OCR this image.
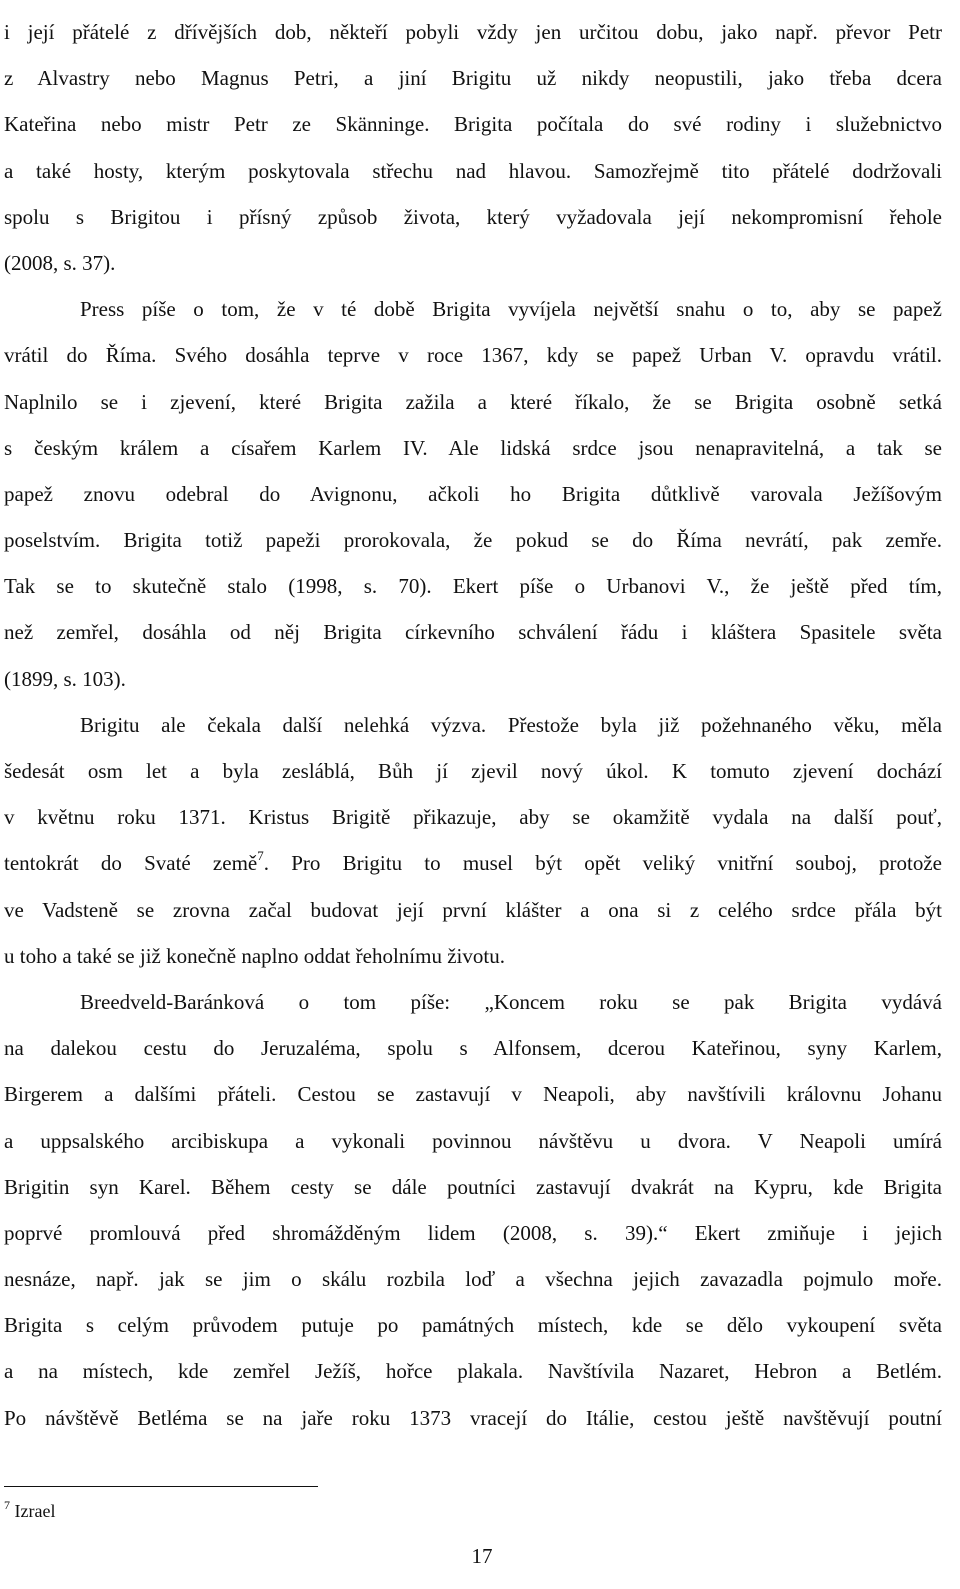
i její přátelé z dřívějších dob, někteří pobyli vždy jen určitou dobu, jako např. převor Petr
z Alvastry nebo Magnus Petri, a jiní Brigitu už nikdy neopustili, jako třeba dcera
Kateřina nebo mistr Petr ze Skänninge. Brigita počítala do své rodiny i služebnictvo
a také hosty, kterým poskytovala střechu nad hlavou. Samozřejmě tito přátelé dodržovali
spolu s Brigitou i přísný způsob života, který vyžadovala její nekompromisní řehole
(2008, s. 37).
Press píše o tom, že v té době Brigita vyvíjela největší snahu o to, aby se papež
vrátil do Říma. Svého dosáhla teprve v roce 1367, kdy se papež Urban V. opravdu vrátil.
Naplnilo se i zjevení, které Brigita zažila a které říkalo, že se Brigita osobně setká
s českým králem a císařem Karlem IV. Ale lidská srdce jsou nenapravitelná, a tak se
papež znovu odebral do Avignonu, ačkoli ho Brigita důtklivě varovala Ježíšovým
poselstvím. Brigita totiž papeži prorokovala, že pokud se do Říma nevrátí, pak zemře.
Tak se to skutečně stalo (1998, s. 70). Ekert píše o Urbanovi V., že ještě před tím,
než zemřel, dosáhla od něj Brigita církevního schválení řádu i kláštera Spasitele světa
(1899, s. 103).
Brigitu ale čekala další nelehká výzva. Přestože byla již požehnaného věku, měla
šedesát osm let a byla zesláblá, Bůh jí zjevil nový úkol. K tomuto zjevení dochází
v květnu roku 1371. Kristus Brigitě přikazuje, aby se okamžitě vydala na další pouť,
tentokrát do Svaté země$^7$. Pro Brigitu to musel být opět veliký vnitřní souboj, protože
ve Vadsteně se zrovna začal budovat její první klášter a ona si z celého srdce přála být
u toho a také se již konečně naplno oddat řeholnímu životu.
Breedveld-Baránková o tom píše: „Koncem roku se pak Brigita vydává
na dalekou cestu do Jeruzaléma, spolu s Alfonsem, dcerou Kateřinou, syny Karlem,
Birgerem a dalšími přáteli. Cestou se zastavují v Neapoli, aby navštívili královnu Johanu
a uppsalského arcibiskupa a vykonali povinnou návštěvu u dvora. V Neapoli umírá
Brigitin syn Karel. Během cesty se dále poutníci zastavují dvakrát na Kypru, kde Brigita
poprvé promlouvá před shromážděným lidem (2008, s. 39).“ Ekert zmiňuje i jejich
nesnáze, např. jak se jim o skálu rozbila loď a všechna jejich zavazadla pojmulo moře.
Brigita s celým průvodem putuje po památných místech, kde se dělo vykoupení světa
a na místech, kde zemřel Ježíš, hořce plakala. Navštívila Nazaret, Hebron a Betlém.
Po návštěvě Betléma se na jaře roku 1373 vracejí do Itálie, cestou ještě navštěvují poutní
$^7$ Izrael
17
